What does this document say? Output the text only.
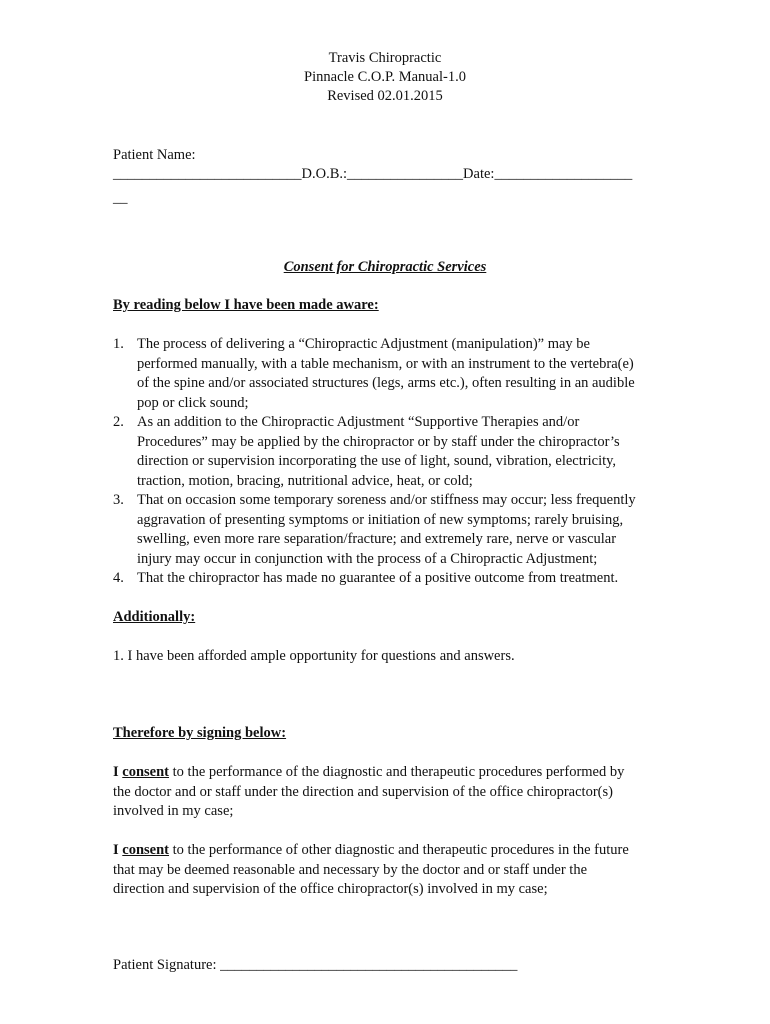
Travis Chiropractic
Pinnacle C.O.P. Manual-1.0
Revised 02.01.2015
Patient Name:
__________________________D.O.B.:________________Date:___________________
__
Consent for Chiropractic Services
By reading below I have been made aware:
1. The process of delivering a “Chiropractic Adjustment (manipulation)” may be
performed manually, with a table mechanism, or with an instrument to the vertebra(e)
of the spine and/or associated structures (legs, arms etc.), often resulting in an audible
pop or click sound;
2. As an addition to the Chiropractic Adjustment “Supportive Therapies and/or
Procedures” may be applied by the chiropractor or by staff under the chiropractor’s
direction or supervision incorporating the use of light, sound, vibration, electricity,
traction, motion, bracing, nutritional advice, heat, or cold;
3. That on occasion some temporary soreness and/or stiffness may occur; less frequently
aggravation of presenting symptoms or initiation of new symptoms; rarely bruising,
swelling, even more rare separation/fracture; and extremely rare, nerve or vascular
injury may occur in conjunction with the process of a Chiropractic Adjustment;
4. That the chiropractor has made no guarantee of a positive outcome from treatment.
Additionally:
1. I have been afforded ample opportunity for questions and answers.
Therefore by signing below:
I consent to the performance of the diagnostic and therapeutic procedures performed by
the doctor and or staff under the direction and supervision of the office chiropractor(s)
involved in my case;
I consent to the performance of other diagnostic and therapeutic procedures in the future
that may be deemed reasonable and necessary by the doctor and or staff under the
direction and supervision of the office chiropractor(s) involved in my case;
Patient Signature: _________________________________________
